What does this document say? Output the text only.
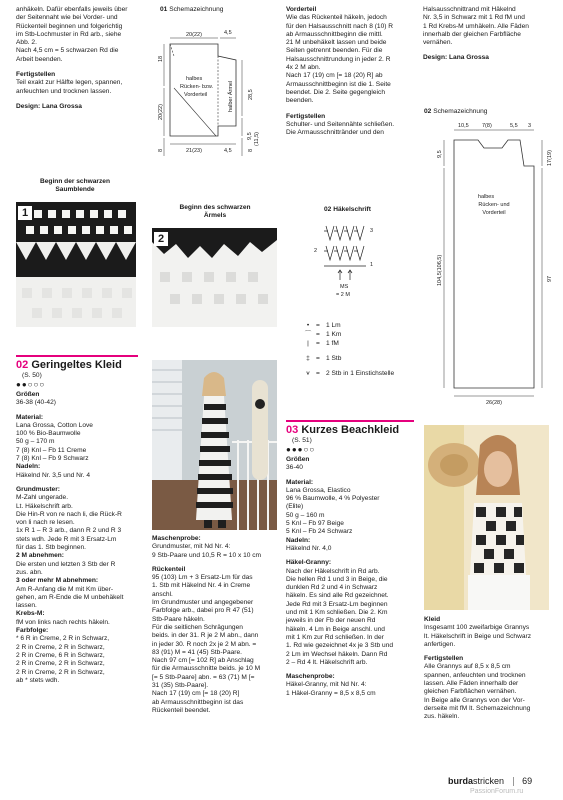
anhäkeln. Dafür ebenfalls jeweils über
der Seitennaht wie bei Vorder- und
Rückenteil beginnen und folgerichtig
im Stb-Lochmuster in Rd arb., siehe
Abb. 2.
Nach 4,5 cm = 5 schwarzen Rd die
Arbeit beenden.
Fertigstellen
Teil exakt zur Hälfte legen, spannen,
anfeuchten und trocknen lassen.
Design: Lana Grossa
01 Schemazeichnung
20(22)	4,5
18
halbes
Rücken- bzw.
Vorderteil	halber Ärmel	28,5
20(22)
9,5 (11,5)
8	21(23)	4,5	8
Vorderteil
Wie das Rückenteil häkeln, jedoch
für den Halsausschnitt nach 8 (10) R
ab Armausschnittbeginn die mittl.
21 M unbehäkelt lassen und beide
Seiten getrennt beenden. Für die
Halsausschnittrundung in jeder 2. R
4x 2 M abn.
Nach 17 (19) cm [= 18 (20) R] ab
Armausschnittbeginn ist die 1. Seite
beendet. Die 2. Seite gegengleich
beenden.
Fertigstellen
Schulter- und Seitennähte schließen.
Die Armausschnittränder und den
Halsausschnittrand mit Häkelnd
Nr. 3,5 in Schwarz mit 1 Rd fM und
1 Rd Krebs-M umhäkeln. Alle Fäden
innerhalb der gleichen Farbfläche
vernähen.
Design: Lana Grossa
02 Schemazeichnung
10,5 7(8)	5,5 3
9,5	17(19)
halbes
Rücken- und
Vorderteil
104,5(106,5)	97
26(28)
Beginn der schwarzen
Saumblende
1	Beginn des schwarzen
Ärmels
2
02 Häkelschrift
3
2
1
MS
= 2 M
•	= 1 Lm
⌒ = 1 Km
|	= 1 fM
‡ = 1 Stb
⩛ = 2 Stb in 1 Einstichstelle
02 Geringeltes Kleid
(S. 50)
●●○○○
Größen
36-38 (40-42)
Material:
Lana Grossa, Cotton Love
100 % Bio-Baumwolle
50 g – 170 m
7 (8) Knl – Fb 11 Creme
7 (8) Knl – Fb 9 Schwarz
Nadeln:
Häkelnd Nr. 3,5 und Nr. 4
Grundmuster:
M-Zahl ungerade.
Lt. Häkelschrift arb.
Die Hin-R von re nach li, die Rück-R
von li nach re lesen.
1x R 1 – R 3 arb., dann R 2 und R 3
stets wdh. Jede R mit 3 Ersatz-Lm
für das 1. Stb beginnen.
2 M abnehmen:
Die ersten und letzten 3 Stb der R
zus. abn.
3 oder mehr M abnehmen:
Am R-Anfang die M mit Km über-
gehen, am R-Ende die M unbehäkelt
lassen.
Krebs-M:
fM von links nach rechts häkeln.
Farbfolge:
* 6 R in Creme, 2 R in Schwarz,
2 R in Creme, 2 R in Schwarz,
2 R in Creme, 6 R in Schwarz,
2 R in Creme, 2 R in Schwarz,
2 R in Creme, 2 R in Schwarz,
ab * stets wdh.
Maschenprobe:
Grundmuster, mit Nd Nr. 4:
9 Stb-Paare und 10,5 R = 10 x 10 cm
Rückenteil
95 (103) Lm + 3 Ersatz-Lm für das
1. Stb mit Häkelnd Nr. 4 in Creme
anschl.
Im Grundmuster und angegebener
Farbfolge arb., dabei pro R 47 (51)
Stb-Paare häkeln.
Für die seitlichen Schrägungen
beids. in der 31. R je 2 M abn., dann
in jeder 30. R noch 2x je 2 M abn. =
83 (91) M = 41 (45) Stb-Paare.
Nach 97 cm [= 102 R] ab Anschlag
für die Armausschnitte beids. je 10 M
[= 5 Stb-Paare] abn. = 63 (71) M [=
31 (35) Stb-Paare].
Nach 17 (19) cm [= 18 (20) R]
ab Armausschnittbeginn ist das
Rückenteil beendet.
03 Kurzes Beachkleid
(S. 51)
●●●○○
Größen
36-40
Material:
Lana Grossa, Elastico
96 % Baumwolle, 4 % Polyester
(Elite)
50 g – 160 m
5 Knl – Fb 97 Beige
5 Knl – Fb 24 Schwarz
Nadeln:
Häkelnd Nr. 4,0
Häkel-Granny:
Nach der Häkelschrift in Rd arb.
Die hellen Rd 1 und 3 in Beige, die
dunklen Rd 2 und 4 in Schwarz
häkeln. Es sind alle Rd gezeichnet.
Jede Rd mit 3 Ersatz-Lm beginnen
und mit 1 Km schließen. Die 2. Km
jeweils in der Fb der neuen Rd
häkeln. 4 Lm in Beige anschl. und
mit 1 Km zur Rd schließen. In der
1. Rd wie gezeichnet 4x je 3 Stb und
2 Lm im Wechsel häkeln. Dann Rd
2 – Rd 4 lt. Häkelschrift arb.
Maschenprobe:
Häkel-Granny, mit Nd Nr. 4:
1 Häkel-Granny = 8,5 x 8,5 cm
Kleid
Insgesamt 100 zweifarbige Grannys
lt. Häkelschrift in Beige und Schwarz
anfertigen.
Fertigstellen
Alle Grannys auf 8,5 x 8,5 cm
spannen, anfeuchten und trocknen
lassen. Alle Fäden innerhalb der
gleichen Farbflächen vernähen.
In Beige alle Grannys von der Vor-
derseite mit fM lt. Schemazeichnung
zus. häkeln.
burdastricken 69
PassionForum.ru
